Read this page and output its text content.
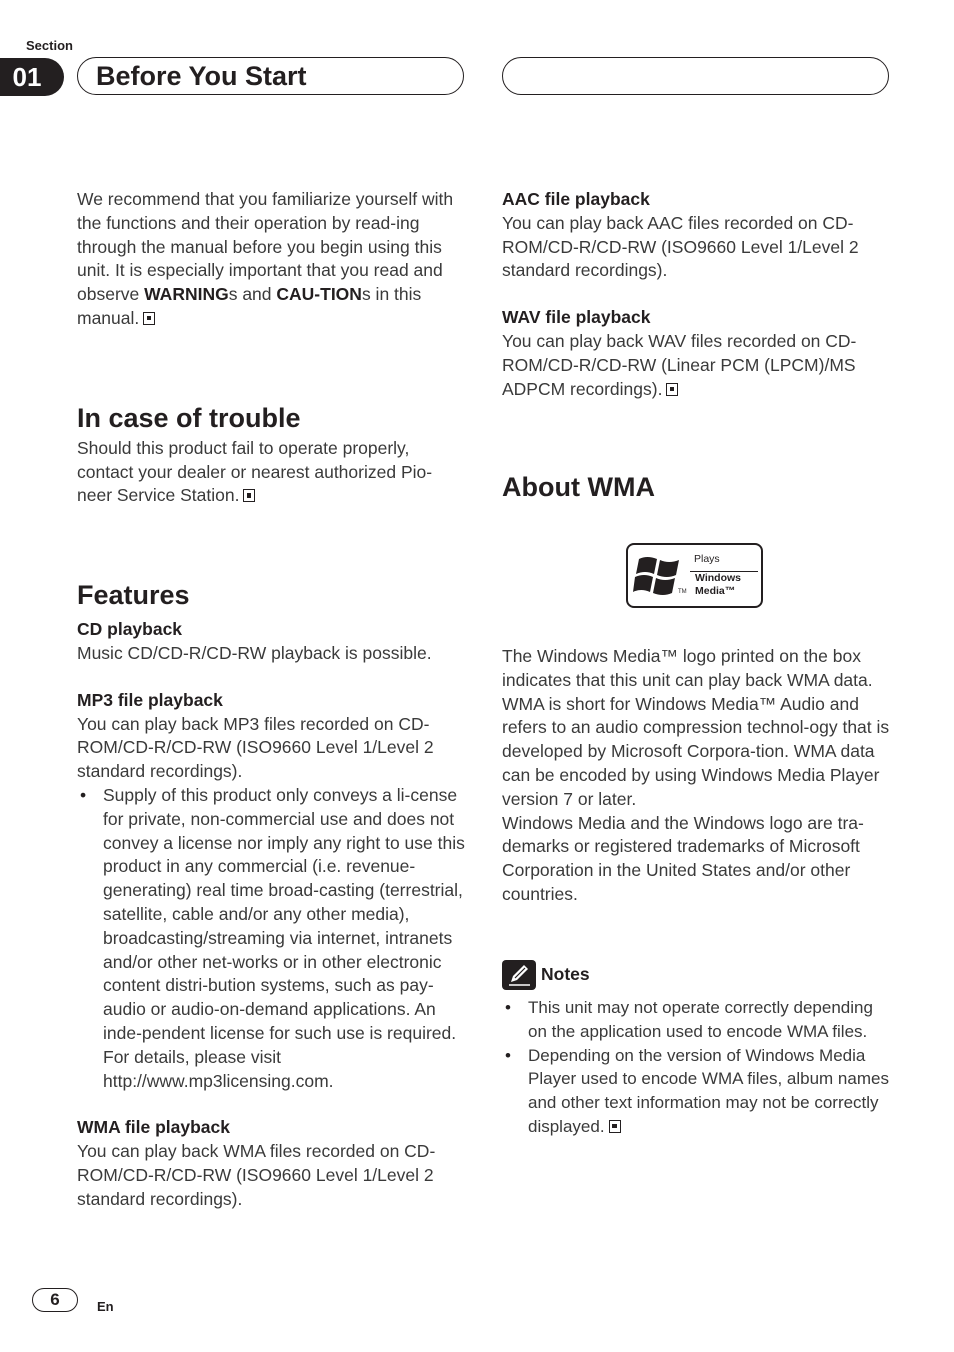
Section
01	Before You Start

We recommend that you familiarize yourself with the functions and their operation by read-ing through the manual before you begin using this unit. It is especially important that you read and observe WARNINGs and CAU-TIONs in this manual.

In case of trouble

Should this product fail to operate properly, contact your dealer or nearest authorized Pio-neer Service Station.

Features
CD playback

Music CD/CD-R/CD-RW playback is possible.

MP3 file playback

You can play back MP3 files recorded on CD-ROM/CD-R/CD-RW (ISO9660 Level 1/Level 2 standard recordings).

• Supply of this product only conveys a li-cense for private, non-commercial use and does not convey a license nor imply any right to use this product in any commercial (i.e. revenue-generating) real time broad-casting (terrestrial, satellite, cable and/or any other media), broadcasting/streaming via internet, intranets and/or other net-works or in other electronic content distri-bution systems, such as pay-audio or audio-on-demand applications. An inde-pendent license for such use is required. For details, please visit http://www.mp3licensing.com.

WMA file playback

You can play back WMA files recorded on CD-ROM/CD-R/CD-RW (ISO9660 Level 1/Level 2 standard recordings).

AAC file playback

You can play back AAC files recorded on CD-ROM/CD-R/CD-RW (ISO9660 Level 1/Level 2 standard recordings).

WAV file playback

You can play back WAV files recorded on CD-ROM/CD-R/CD-RW (Linear PCM (LPCM)/MS ADPCM recordings).

About WMA
Plays
Windows
Media™
TM
The Windows Media™ logo printed on the box indicates that this unit can play back WMA data.
WMA is short for Windows Media™ Audio and refers to an audio compression technol-ogy that is developed by Microsoft Corpora-tion. WMA data can be encoded by using Windows Media Player version 7 or later.
Windows Media and the Windows logo are tra-demarks or registered trademarks of Microsoft Corporation in the United States and/or other countries.
Notes

• This unit may not operate correctly depending on the application used to encode WMA files.

• Depending on the version of Windows Media Player used to encode WMA files, album names and other text information may not be correctly displayed.

6	En
